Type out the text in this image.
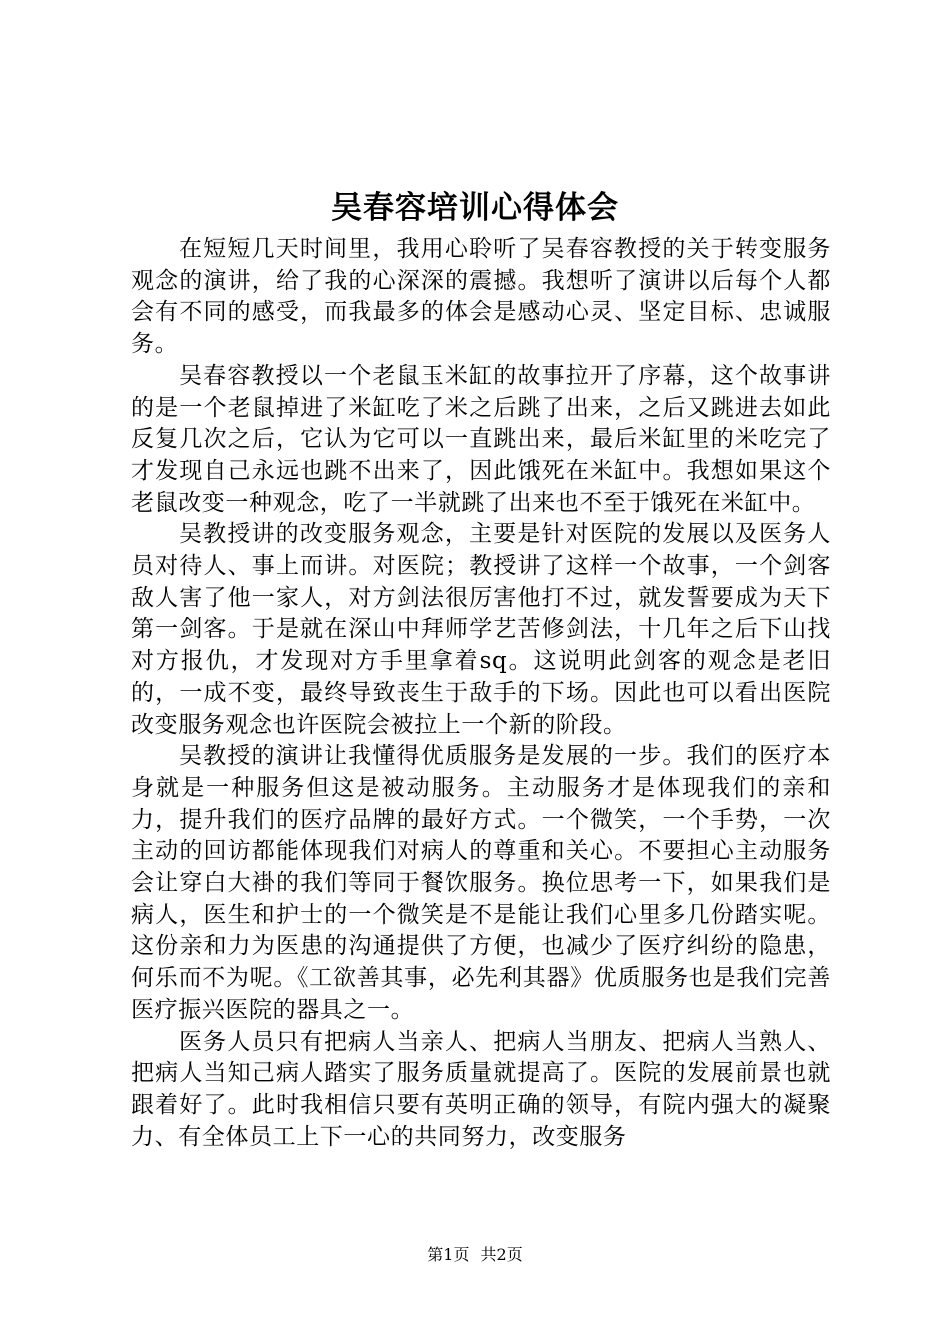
吴春容培训心得体会

在短短几天时间里，我用心聆听了吴春容教授的关于转变服务观念的演讲，给了我的心深深的震撼。我想听了演讲以后每个人都会有不同的感受，而我最多的体会是感动心灵、坚定目标、忠诚服务。

吴春容教授以一个老鼠玉米缸的故事拉开了序幕，这个故事讲的是一个老鼠掉进了米缸吃了米之后跳了出来，之后又跳进去如此反复几次之后，它认为它可以一直跳出来，最后米缸里的米吃完了才发现自己永远也跳不出来了，因此饿死在米缸中。我想如果这个老鼠改变一种观念，吃了一半就跳了出来也不至于饿死在米缸中。

吴教授讲的改变服务观念，主要是针对医院的发展以及医务人员对待人、事上而讲。对医院；教授讲了这样一个故事，一个剑客敌人害了他一家人，对方剑法很厉害他打不过，就发誓要成为天下第一剑客。于是就在深山中拜师学艺苦修剑法，十几年之后下山找对方报仇，才发现对方手里拿着sq。这说明此剑客的观念是老旧的，一成不变，最终导致丧生于敌手的下场。因此也可以看出医院改变服务观念也许医院会被拉上一个新的阶段。

吴教授的演讲让我懂得优质服务是发展的一步。我们的医疗本身就是一种服务但这是被动服务。主动服务才是体现我们的亲和力，提升我们的医疗品牌的最好方式。一个微笑，一个手势，一次主动的回访都能体现我们对病人的尊重和关心。不要担心主动服务会让穿白大褂的我们等同于餐饮服务。换位思考一下，如果我们是病人，医生和护士的一个微笑是不是能让我们心里多几份踏实呢。这份亲和力为医患的沟通提供了方便，也减少了医疗纠纷的隐患，何乐而不为呢。《工欲善其事，必先利其器》优质服务也是我们完善医疗振兴医院的器具之一。

医务人员只有把病人当亲人、把病人当朋友、把病人当熟人、把病人当知己病人踏实了服务质量就提高了。医院的发展前景也就跟着好了。此时我相信只要有英明正确的领导，有院内强大的凝聚力、有全体员工上下一心的共同努力，改变服务

第1页 共2页
